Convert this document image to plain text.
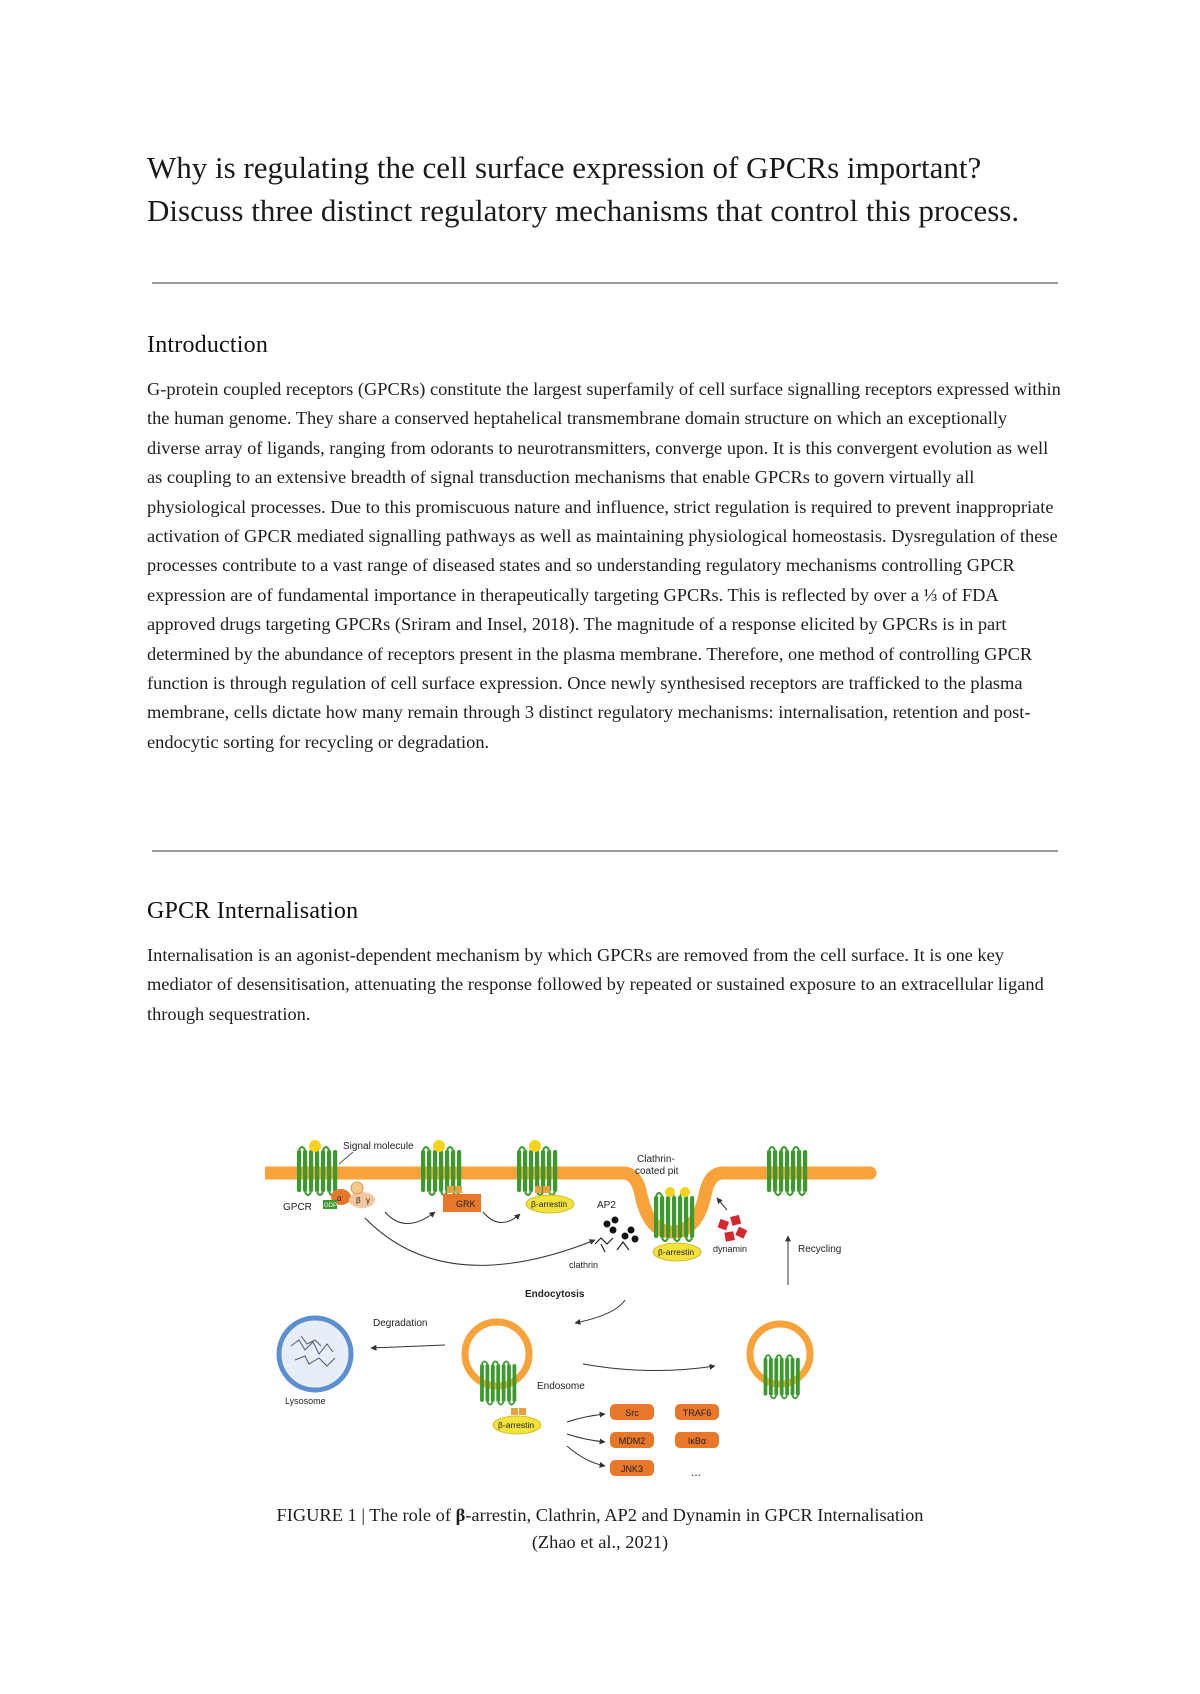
Why is regulating the cell surface expression of GPCRs important? Discuss three distinct regulatory mechanisms that control this process.
Introduction

G-protein coupled receptors (GPCRs) constitute the largest superfamily of cell surface signalling receptors expressed within the human genome. They share a conserved heptahelical transmembrane domain structure on which an exceptionally diverse array of ligands, ranging from odorants to neurotransmitters, converge upon. It is this convergent evolution as well as coupling to an extensive breadth of signal transduction mechanisms that enable GPCRs to govern virtually all physiological processes. Due to this promiscuous nature and influence, strict regulation is required to prevent inappropriate activation of GPCR mediated signalling pathways as well as maintaining physiological homeostasis. Dysregulation of these processes contribute to a vast range of diseased states and so understanding regulatory mechanisms controlling GPCR expression are of fundamental importance in therapeutically targeting GPCRs. This is reflected by over a ⅓ of FDA approved drugs targeting GPCRs (Sriram and Insel, 2018). The magnitude of a response elicited by GPCRs is in part determined by the abundance of receptors present in the plasma membrane. Therefore, one method of controlling GPCR function is through regulation of cell surface expression. Once newly synthesised receptors are trafficked to the plasma membrane, cells dictate how many remain through 3 distinct regulatory mechanisms: internalisation, retention and post-endocytic sorting for recycling or degradation.

GPCR Internalisation

Internalisation is an agonist-dependent mechanism by which GPCRs are removed from the cell surface. It is one key mediator of desensitisation, attenuating the response followed by repeated or sustained exposure to an extracellular ligand through sequestration.

Signal molecule
GPCR
α
GDP
β γ	GRK	β-arrestin
Clathrin-
coated pit
β-arrestin
AP2
clathrin
dynamin	Recycling
Endocytosis
Endosome
β-arrestin
Degradation
Lysosome
Src	TRAF6
MDM2	IκBα
JNK3	...
FIGURE 1 | The role of β-arrestin, Clathrin, AP2 and Dynamin in GPCR Internalisation
(Zhao et al., 2021)
